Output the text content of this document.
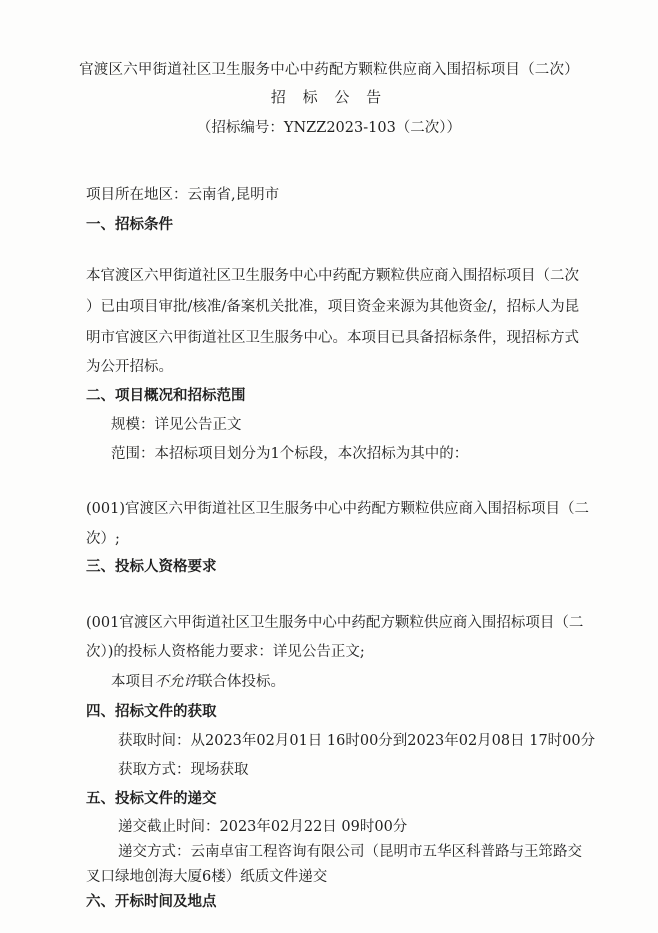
官渡区六甲街道社区卫生服务中心中药配方颗粒供应商入围招标项目（二次）
招 标 公 告
（招标编号：YNZZ2023-103（二次））
项目所在地区：云南省,昆明市
一、招标条件
本官渡区六甲街道社区卫生服务中心中药配方颗粒供应商入围招标项目（二次
）已由项目审批/核准/备案机关批准，项目资金来源为其他资金/，招标人为昆
明市官渡区六甲街道社区卫生服务中心。本项目已具备招标条件，现招标方式
为公开招标。
二、项目概况和招标范围
规模：详见公告正文
范围：本招标项目划分为1个标段，本次招标为其中的：
(001)官渡区六甲街道社区卫生服务中心中药配方颗粒供应商入围招标项目（二
次）;
三、投标人资格要求
(001官渡区六甲街道社区卫生服务中心中药配方颗粒供应商入围招标项目（二
次）)的投标人资格能力要求：详见公告正文;
本项目不允许联合体投标。
四、招标文件的获取
获取时间：从2023年02月01日 16时00分到2023年02月08日 17时00分
获取方式：现场获取
五、投标文件的递交
递交截止时间：2023年02月22日 09时00分
递交方式：云南卓宙工程咨询有限公司（昆明市五华区科普路与王筇路交
叉口绿地创海大厦6楼）纸质文件递交
六、开标时间及地点
